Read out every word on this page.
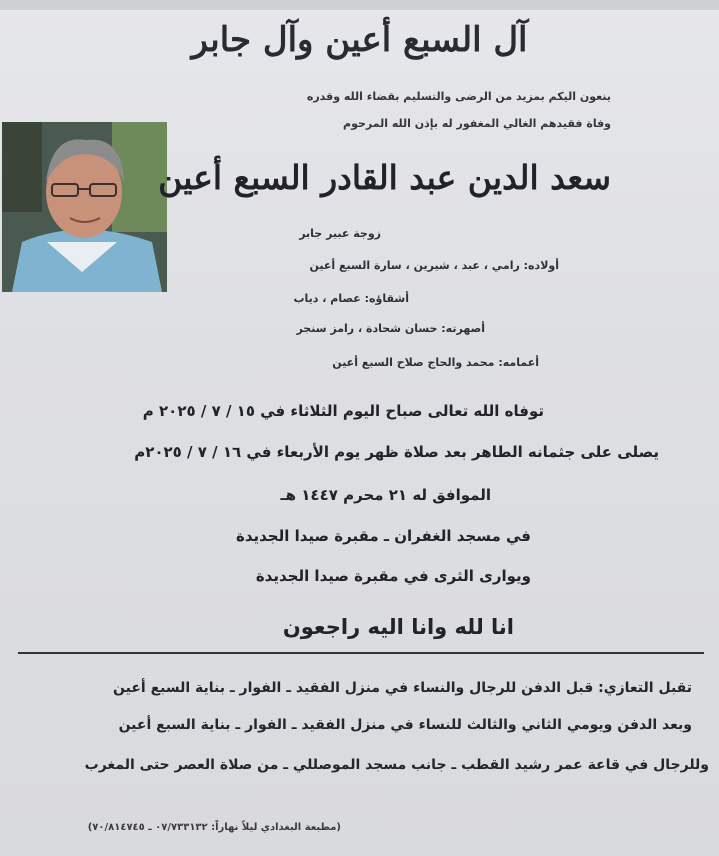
آل السبع أعين وآل جابر
ينعون اليكم بمزيد من الرضى والتسليم بقضاء الله وقدره
وفاة فقيدهم الغالي المغفور له بإذن الله المرحوم
سعد الدين عبد القادر السبع أعين
زوجة عبير جابر
أولاده: رامي ، عبد ، شيرين ، سارة السبع أعين
أشقاؤه: عصام ، دياب
أصهرته: حسان شحادة ، رامز سنجر
أعمامه: محمد والحاج صلاح السبع أعين
توفاه الله تعالى صباح اليوم الثلاثاء في ١٥ / ٧ / ٢٠٢٥ م
يصلى على جثمانه الطاهر بعد صلاة ظهر يوم الأربعاء في ١٦ / ٧ / ٢٠٢٥م
الموافق له ٢١ محرم ١٤٤٧ هـ
في مسجد الغفران ـ مقبرة صيدا الجديدة
ويوارى الثرى في مقبرة صيدا الجديدة
انا لله وانا اليه راجعون
تقبل التعازي: قبل الدفن للرجال والنساء في منزل الفقيد ـ الفوار ـ بناية السبع أعين
وبعد الدفن ويومي الثاني والثالث للنساء في منزل الفقيد ـ الفوار ـ بناية السبع أعين
وللرجال في قاعة عمر رشيد القطب ـ جانب مسجد الموصللي ـ من صلاة العصر حتى المغرب
(مطبعة البغدادي ليلاً نهاراً: ٠٧/٧٣٣١٣٢ ـ ٧٠/٨١٤٧٤٥)
